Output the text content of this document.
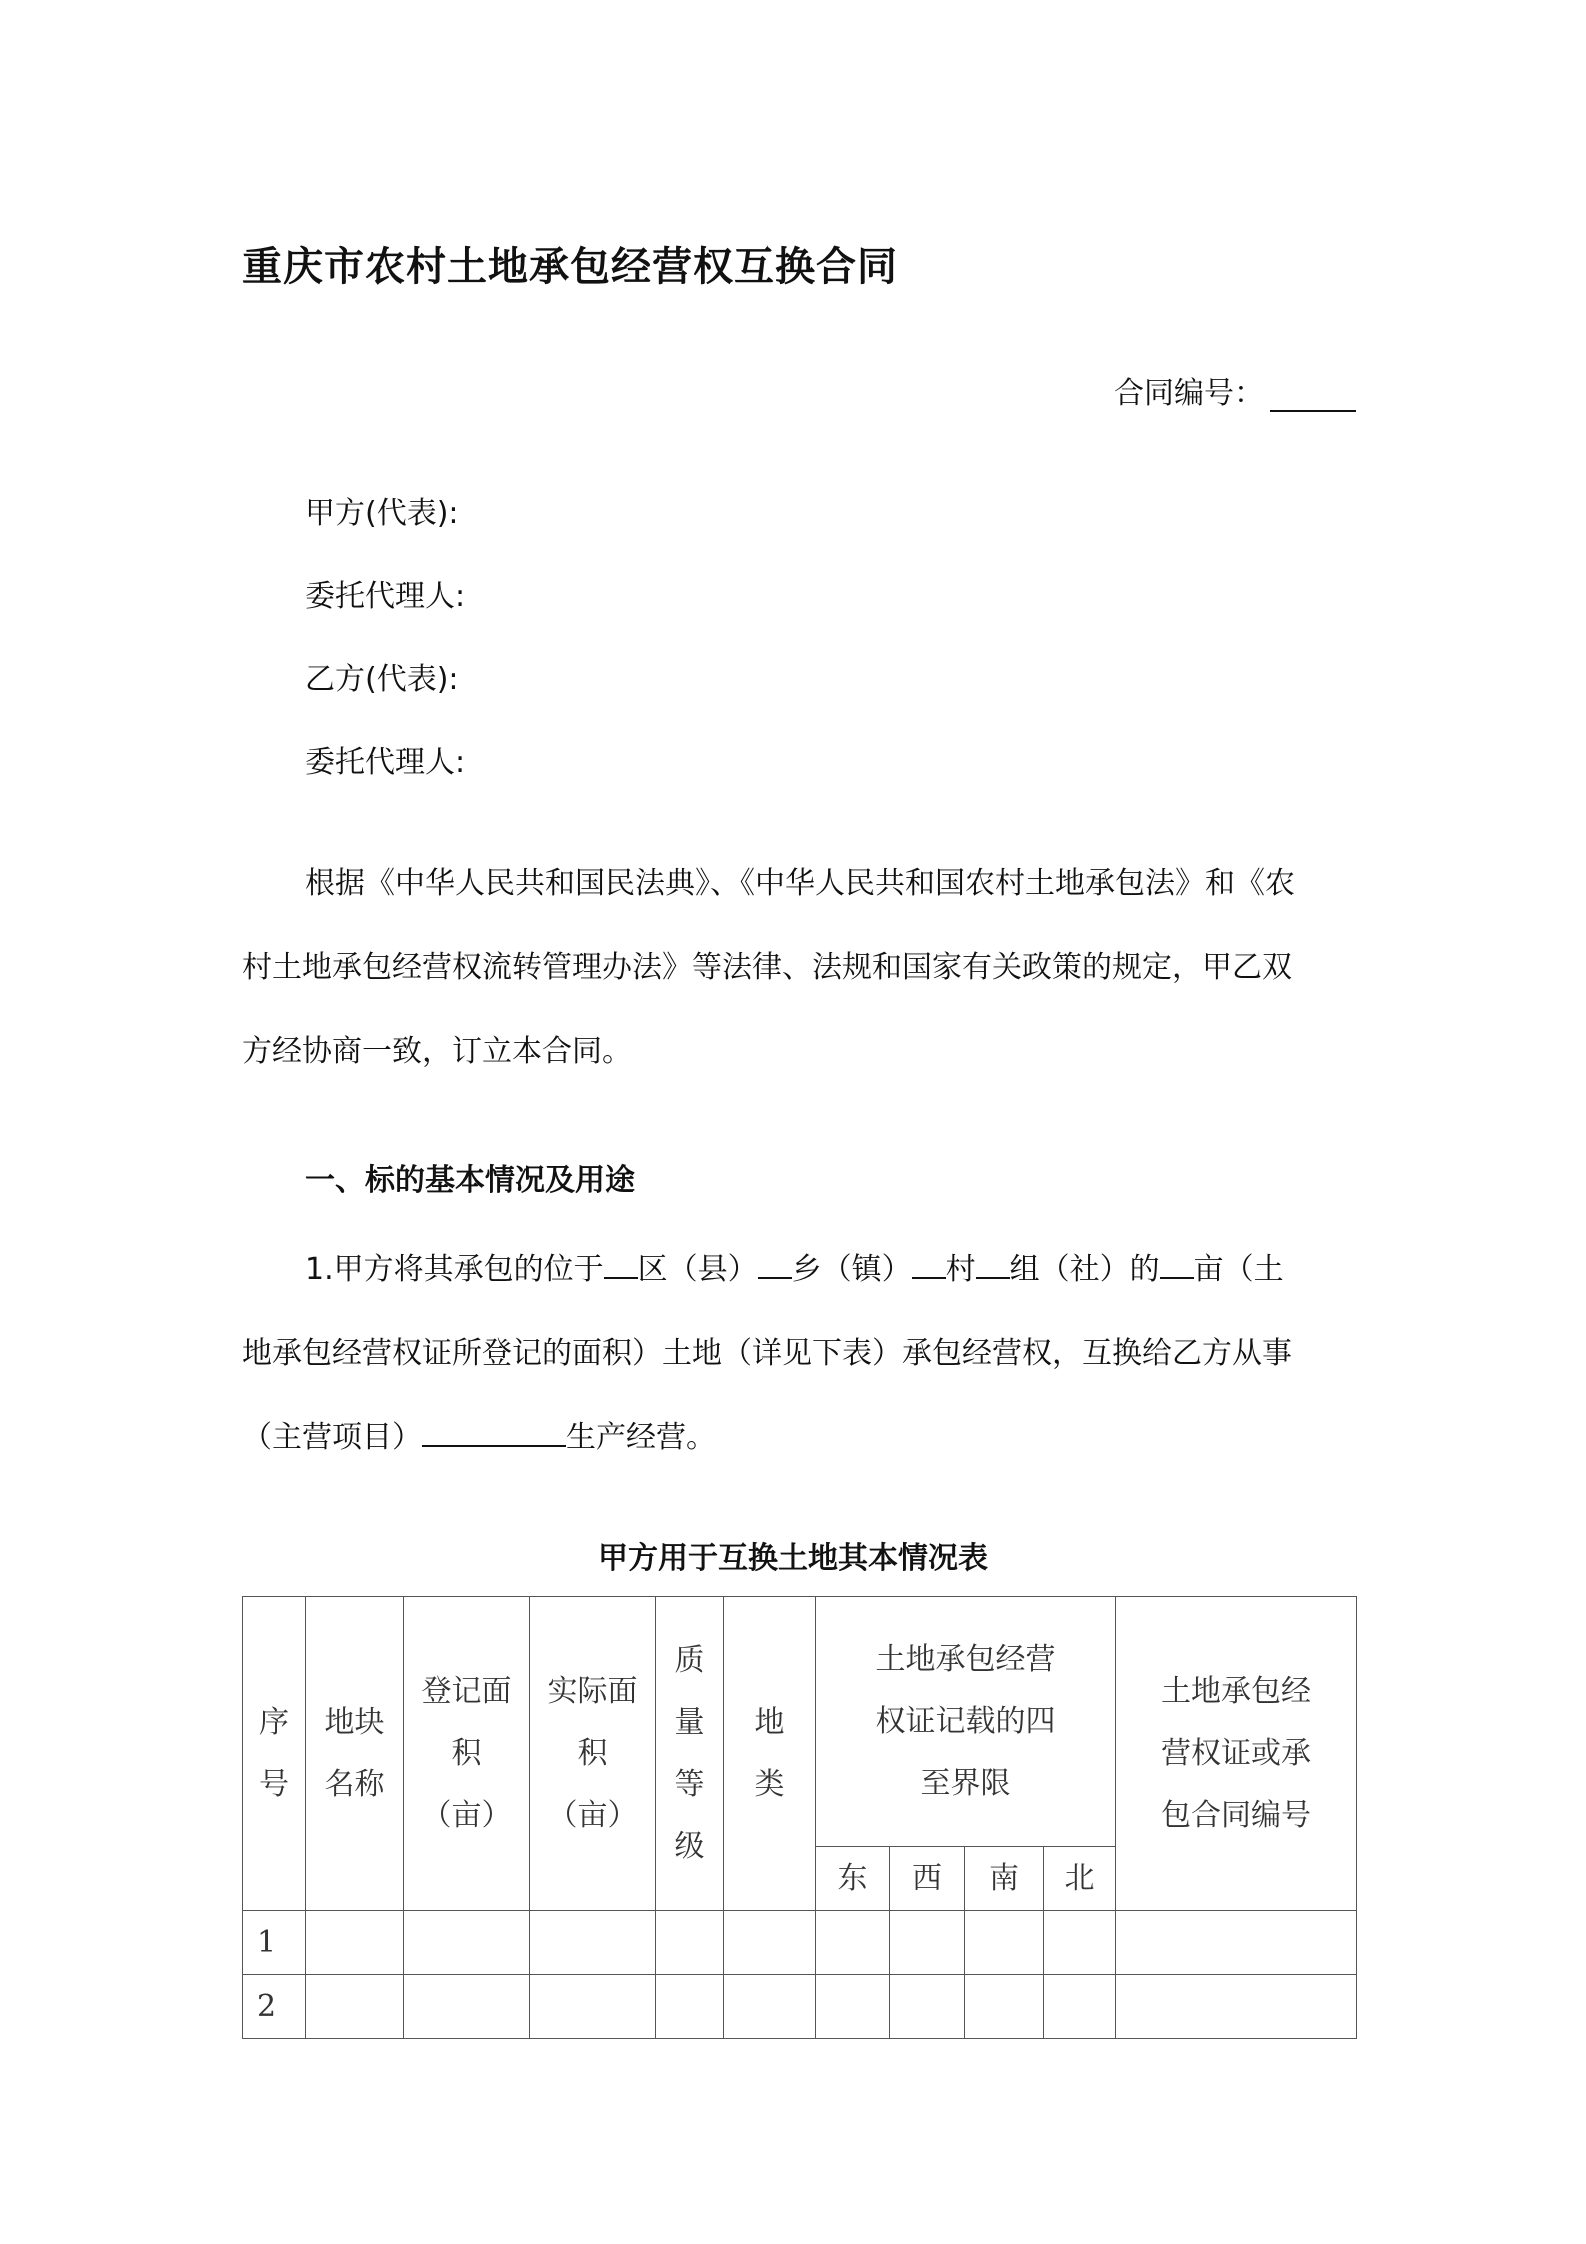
重庆市农村土地承包经营权互换合同
合同编号：
甲方(代表):
委托代理人:
乙方(代表):
委托代理人:

根据《中华人民共和国民法典》、《中华人民共和国农村土地承包法》和《农
村土地承包经营权流转管理办法》等法律、法规和国家有关政策的规定，甲乙双
方经协商一致，订立本合同。

一、标的基本情况及用途

1.甲方将其承包的位于 区（县） 乡（镇） 村 组（社）的 亩（土
地承包经营权证所登记的面积）土地（详见下表）承包经营权，互换给乙方从事
（主营项目）	生产经营。

甲方用于互换土地其本情况表
序号	地块名称	登记面积（亩）	实际面积（亩）	质量等级	地类	土地承包经营权证记载的四至界限				土地承包经营权证或承包合同编号
						东	西	南	北	
1										
2										
